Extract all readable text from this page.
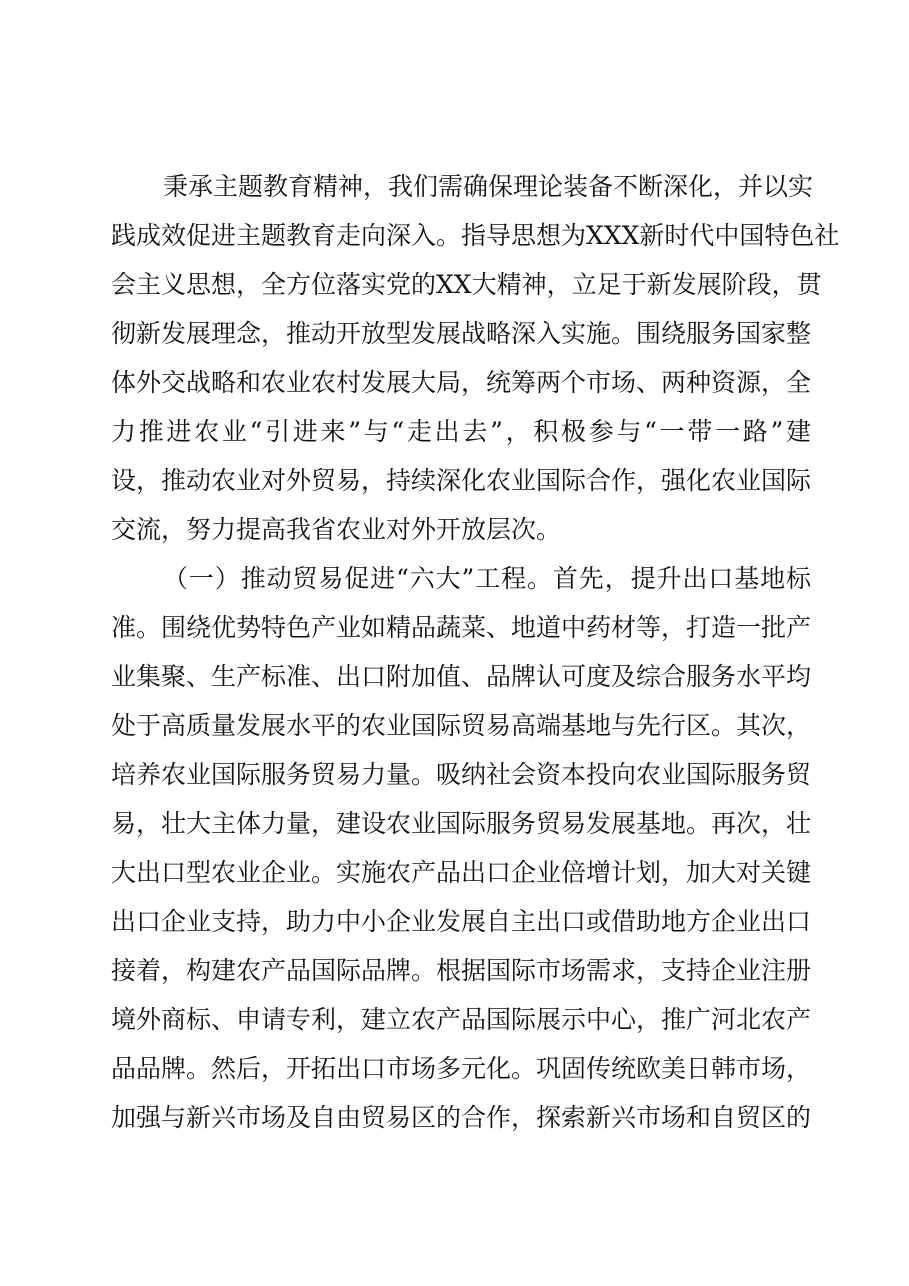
秉承主题教育精神，我们需确保理论装备不断深化，并以实
践成效促进主题教育走向深入。指导思想为XXX新时代中国特色社
会主义思想，全方位落实党的XX大精神，立足于新发展阶段，贯
彻新发展理念，推动开放型发展战略深入实施。围绕服务国家整
体外交战略和农业农村发展大局，统筹两个市场、两种资源，全
力推进农业“引进来”与“走出去”，积极参与“一带一路”建
设，推动农业对外贸易，持续深化农业国际合作，强化农业国际
交流，努力提高我省农业对外开放层次。
（一）推动贸易促进“六大”工程。首先，提升出口基地标
准。围绕优势特色产业如精品蔬菜、地道中药材等，打造一批产
业集聚、生产标准、出口附加值、品牌认可度及综合服务水平均
处于高质量发展水平的农业国际贸易高端基地与先行区。其次，
培养农业国际服务贸易力量。吸纳社会资本投向农业国际服务贸
易，壮大主体力量，建设农业国际服务贸易发展基地。再次，壮
大出口型农业企业。实施农产品出口企业倍增计划，加大对关键
出口企业支持，助力中小企业发展自主出口或借助地方企业出口
接着，构建农产品国际品牌。根据国际市场需求，支持企业注册
境外商标、申请专利，建立农产品国际展示中心，推广河北农产
品品牌。然后，开拓出口市场多元化。巩固传统欧美日韩市场，
加强与新兴市场及自由贸易区的合作，探索新兴市场和自贸区的
